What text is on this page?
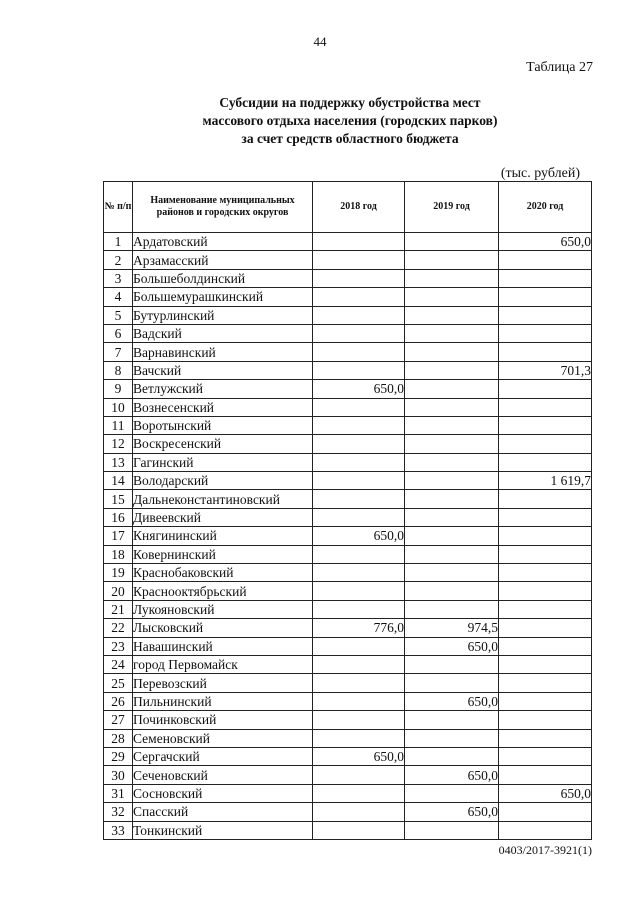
44
Таблица 27
Субсидии на поддержку обустройства мест
массового отдыха населения (городских парков)
за счет средств областного бюджета
(тыс. рублей)
№ п/п	Наименование муниципальных районов и городских округов	2018 год	2019 год	2020 год
1	Ардатовский			650,0
2	Арзамасский			
3	Большеболдинский			
4	Большемурашкинский			
5	Бутурлинский			
6	Вадский			
7	Варнавинский			
8	Вачский			701,3
9	Ветлужский	650,0		
10	Вознесенский			
11	Воротынский			
12	Воскресенский			
13	Гагинский			
14	Володарский			1 619,7
15	Дальнеконстантиновский			
16	Дивеевский			
17	Княгининский	650,0		
18	Ковернинский			
19	Краснобаковский			
20	Краснооктябрьский			
21	Лукояновский			
22	Лысковский	776,0	974,5	
23	Навашинский		650,0	
24	город Первомайск			
25	Перевозский			
26	Пильнинский		650,0	
27	Починковский			
28	Семеновский			
29	Сергачский	650,0		
30	Сеченовский		650,0	
31	Сосновский			650,0
32	Спасский		650,0	
33	Тонкинский			
0403/2017-3921(1)
